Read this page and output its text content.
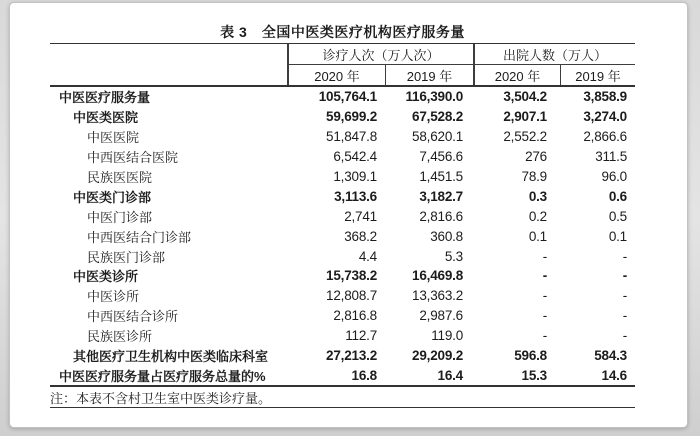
表 3　全国中医类医疗机构医疗服务量
诊疗人次（万人次）	出院人数（万人）
2020 年	2019 年	2020 年	2019 年
中医医疗服务量	105,764.1	116,390.0	3,504.2	3,858.9
中医类医院	59,699.2	67,528.2	2,907.1	3,274.0
中医医院	51,847.8	58,620.1	2,552.2	2,866.6
中西医结合医院	6,542.4	7,456.6	276	311.5
民族医医院	1,309.1	1,451.5	78.9	96.0
中医类门诊部	3,113.6	3,182.7	0.3	0.6
中医门诊部	2,741	2,816.6	0.2	0.5
中西医结合门诊部	368.2	360.8	0.1	0.1
民族医门诊部	4.4	5.3	-	-
中医类诊所	15,738.2	16,469.8	-	-
中医诊所	12,808.7	13,363.2	-	-
中西医结合诊所	2,816.8	2,987.6	-	-
民族医诊所	112.7	119.0	-	-
其他医疗卫生机构中医类临床科室	27,213.2	29,209.2	596.8	584.3
中医医疗服务量占医疗服务总量的%	16.8	16.4	15.3	14.6
注：本表不含村卫生室中医类诊疗量。
